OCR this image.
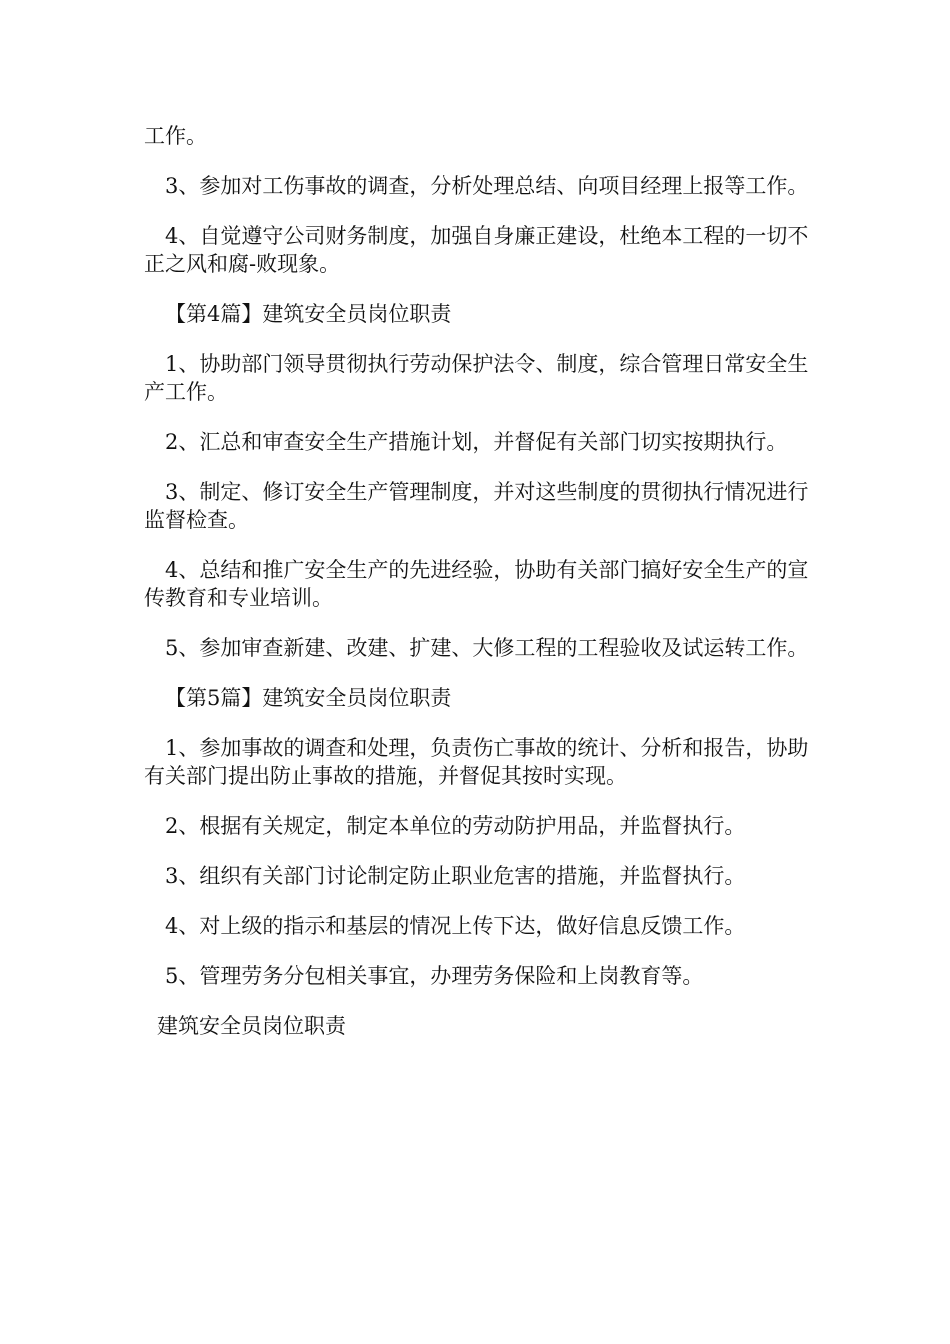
工作。

3、参加对工伤事故的调查，分析处理总结、向项目经理上报等工作。

4、自觉遵守公司财务制度，加强自身廉正建设，杜绝本工程的一切不正之风和腐-败现象。

【第4篇】建筑安全员岗位职责

1、协助部门领导贯彻执行劳动保护法令、制度，综合管理日常安全生产工作。

2、汇总和审查安全生产措施计划，并督促有关部门切实按期执行。

3、制定、修订安全生产管理制度，并对这些制度的贯彻执行情况进行监督检查。

4、总结和推广安全生产的先进经验，协助有关部门搞好安全生产的宣传教育和专业培训。

5、参加审查新建、改建、扩建、大修工程的工程验收及试运转工作。

【第5篇】建筑安全员岗位职责

1、参加事故的调查和处理，负责伤亡事故的统计、分析和报告，协助有关部门提出防止事故的措施，并督促其按时实现。

2、根据有关规定，制定本单位的劳动防护用品，并监督执行。

3、组织有关部门讨论制定防止职业危害的措施，并监督执行。

4、对上级的指示和基层的情况上传下达，做好信息反馈工作。

5、管理劳务分包相关事宜，办理劳务保险和上岗教育等。

建筑安全员岗位职责
